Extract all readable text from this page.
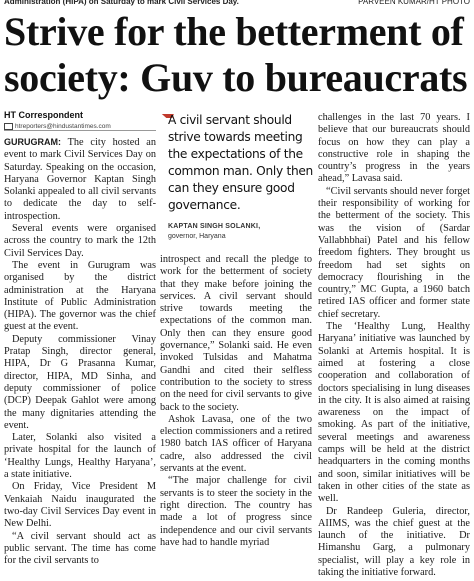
Administration (HIPA) on Saturday to mark Civil Services Day.	PARVEEN KUMAR/HT PHOTO
Strive for the betterment of society: Guv to bureaucrats
HT Correspondent
htreporters@hindustantimes.com

GURUGRAM: The city hosted an event to mark Civil Services Day on Saturday. Speaking on the occasion, Haryana Governor Kaptan Singh Solanki appealed to all civil servants to dedicate the day to self-introspection.

Several events were organised across the country to mark the 12th Civil Services Day.

The event in Gurugram was organised by the district administration at the Haryana Institute of Public Administration (HIPA). The governor was the chief guest at the event.

Deputy commissioner Vinay Pratap Singh, director general, HIPA, Dr G Prasanna Kumar, director, HIPA, MD Sinha, and deputy commissioner of police (DCP) Deepak Gahlot were among the many dignitaries attending the event.

Later, Solanki also visited a private hospital for the launch of ‘Healthy Lungs, Healthy Haryana’, a state initiative.

On Friday, Vice President M Venkaiah Naidu inaugurated the two-day Civil Services Day event in New Delhi.

“A civil servant should act as public servant. The time has come for the civil servants to

A civil servant should strive towards meeting the expectations of the common man. Only then can they ensure good governance.
KAPTAN SINGH SOLANKI,
governor, Haryana

introspect and recall the pledge to work for the betterment of society that they make before joining the services. A civil servant should strive towards meeting the expectations of the common man. Only then can they ensure good governance,” Solanki said. He even invoked Tulsidas and Mahatma Gandhi and cited their selfless contribution to the society to stress on the need for civil servants to give back to the society.

Ashok Lavasa, one of the two election commissioners and a retired 1980 batch IAS officer of Haryana cadre, also addressed the civil servants at the event.

“The major challenge for civil servants is to steer the society in the right direction. The country has made a lot of progress since independence and our civil servants have had to handle myriad

challenges in the last 70 years. I believe that our bureaucrats should focus on how they can play a constructive role in shaping the country’s progress in the years ahead,” Lavasa said.

“Civil servants should never forget their responsibility of working for the betterment of the society. This was the vision of (Sardar Vallabhbhai) Patel and his fellow freedom fighters. They brought us freedom had set sights on democracy flourishing in the country,” MC Gupta, a 1960 batch retired IAS officer and former state chief secretary.

The ‘Healthy Lung, Healthy Haryana’ initiative was launched by Solanki at Artemis hospital. It is aimed at fostering a close cooperation and collaboration of doctors specialising in lung diseases in the city. It is also aimed at raising awareness on the impact of smoking. As part of the initiative, several meetings and awareness camps will be held at the district headquarters in the coming months and soon, similar initiatives will be taken in other cities of the state as well.

Dr Randeep Guleria, director, AIIMS, was the chief guest at the launch of the initiative. Dr Himanshu Garg, a pulmonary specialist, will play a key role in taking the initiative forward.
